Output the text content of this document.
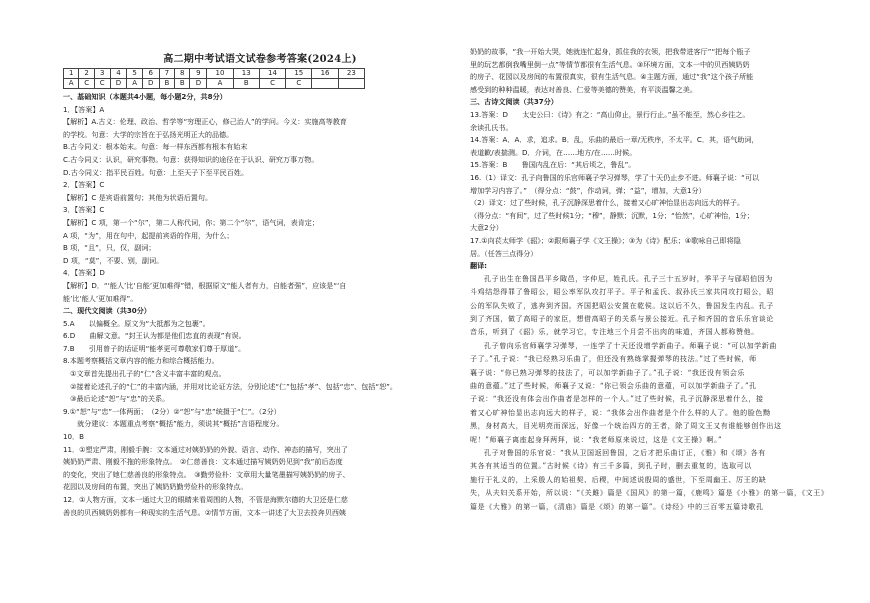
高二期中考试语文试卷参考答案(2024上)
1	2	3	4	5	6	7	8	9	10	13	14	15	16	23
A	C	C	D	A	D	B	B	D	A	B	C	C		
一、基础知识（本题共4小题，每小题2分，共8分）
1．【答案】A
【解析】A.古义：伦理、政治、哲学等“穷理正心，修己治人”的学问。今义：实施高等教育
的学校。句意：大学的宗旨在于弘扬光明正大的品德。
B.古今同义：根本始末。句意：每一样东西都有根本有始末
C.古今同义：认识，研究事物。句意：获得知识的途径在于认识、研究万事万物。
D.古今同义：指平民百姓。句意：上至天子下至平民百姓。
2．【答案】C
【解析】C 是宾语前置句；其他为状语后置句。
3．【答案】C
【解析】C 项，第一个“尔”，第二人称代词，你；第二个“尔”，语气词，表肯定；
A 项，“为”，用在句中，起提前宾语的作用，为什么；
B 项，“且”，只，仅，副词；
D 项，“莫”，不要、别，副词。
4．【答案】D
【解析】D．“‘能人’比‘自能’更加难得”错，根据原文“能人者有力，自能者强”，应该是“‘自
能’比‘能人’更加难得”。
二、现代文阅读（共30分）
5.A　　以偏概全。原文为“大抵都为之包裹”。
6.D　　曲解文意。“封王认为都是他们忠直的表现”有误。
7.B　　引用曾子的话证明“能孝更可尊敬家们尊于厚道”。
8.本题考察概括文章内容的能力和综合概括能力。
　①文章首先提出孔子的“仁”含义丰富丰富的观点。
　②接着论述孔子的“仁”的丰富内涵，并用对比论证方法，分别论述“仁”包括“孝”、包括“忠”、包括“恕”。
　③最后论述“恕”与“忠”的关系。
9.①“恕”与“忠”一体两面；　（2分）②“恕”与“忠”统摄于“仁”。（2分）
　　就分建议：本题重点考察“概括”能力，须说其“概括”言语程度分。
10．B
11．①塑定严肃，刚毅手腕：文本通过对姨奶奶的外貌、语言、动作、神态的描写，突出了
姨奶奶严肃、刚毅不拖的形象特点。　②仁慈善良：文本通过描写姨奶奶见到“我”前后态度
的变化，突出了她仁慈善良的形象特点。　③勤劳俭朴：文章用大量笔墨描写姨奶奶的房子、
花园以及房间的布置，突出了姨奶奶勤劳俭朴的形象特点。
12．①人物方面，文本一通过大卫的眼睛来看周围的人物，不管是海默尔德的大卫还是仁慈
善良的贝西姨奶奶都有一种现实的生活气息。②情节方面，文本一讲述了大卫去投奔贝西姨
奶奶的故事，“我一开始大哭，她就连忙起身，抓住我的衣领，把我带进客厅”“把每个瓶子
里的玩艺都倒我嘴里倒一点”等情节都很有生活气息。③环境方面，文本一中的贝西姨奶奶
的房子、花园以及房间的布置很真实，很有生活气息。④主题方面，通过“我”这个孩子所能
感受到的种种温暖，表达对善良、仁爱等美德的赞美，有平淡温馨之美。
三、古诗文阅读（共37分）
13.答案：D　　太史公曰：《诗》有之：“高山仰止，景行行止。”虽不能至，然心乡往之。
余读孔氏书。
14.答案：A．A．求，追求。B．乱，乐曲的最后一章/无秩序，不太平。C．其，语气助词，
表道歉/表揣测。D．介词，在……地方/在……时候。
15.答案：B　　鲁国内乱在后：“其后顷之，鲁乱”。
16.（1）译文：孔子向鲁国的乐官师襄子学习弹琴，学了十天仍止步不进。师襄子说：“可以
增加学习内容了。”　（得分点：“鼓”，作动词，弹；“益”，增加，大意1分）
（2）译文：过了些时候，孔子沉静深思着什么，接着又心旷神怡显出志向远大的样子。
（得分点：“有间”，过了些时候1分；“穆”，静默；沉默，1分；“怡然”，心旷神怡，1分；
大意2分）
17.①向苌太师学《韶》；②跟师襄子学《文王操》；③为《诗》配乐；④歌咏自己即将隐
居。（任答三点得分）
翻译:
孔子出生在鲁国昌平乡陬邑，字仲尼，姓孔氏。孔子三十五岁时，季平子与郈昭伯因为
斗鸡结怨得罪了鲁昭公，昭公率军队攻打平子。平子和孟氏、叔孙氏三家共同攻打昭公，昭
公的军队失败了，逃奔到齐国。齐国把昭公安置在乾侯。这以后不久，鲁国发生内乱。孔子
到了齐国，做了高昭子的家臣，想借高昭子的关系与景公接近。孔子和齐国的音乐乐官谈论
音乐，听到了《韶》乐，就学习它，专注地三个月尝不出肉的味道，齐国人都称赞他。
孔子曾向乐官师襄学习弹琴，一连学了十天还没增学新曲子。师襄子说：“可以加学新曲
子了。”孔子说：“我已经熟习乐曲了，但还没有熟练掌握弹琴的技法。”过了些时候，师
襄子说：“你已熟习弹琴的技法了，可以加学新曲子了。”孔子说：“我还没有领会乐
曲的意蕴。”过了些时候，师襄子又说：“你已领会乐曲的意蕴，可以加学新曲子了。”孔
子说：“我还没有体会出作曲者是怎样的一个人。”过了些时候，孔子沉静深思着什么，接
着又心旷神怡显出志向远大的样子，说：“我体会出作曲者是个什么样的人了。他的脸色黝
黑，身材高大，目光明亮而深远，好像一个统治四方的王者，除了周文王又有谁能够创作出这
呢！”师襄子离座起身拜两拜，说：“我老师原来说过，这是《文王操》啊。”
孔子对鲁国的乐官说：“我从卫国返回鲁国，之后才把乐曲订正，《雅》和《颂》各有
其各有其适当的位置。”古时候《诗》有三千多篇，到孔子时，删去重复的，选取可以
施行于礼义的，上采殷人的始祖契、后稷，中间述说殷周的盛世，下至周幽王、厉王的缺
失，从夫妇关系开始，所以说：“《关雎》篇是《国风》的第一篇，《鹿鸣》篇是《小雅》的第一篇，《文王》
篇是《大雅》的第一篇，《清庙》篇是《颂》的第一篇”。《诗经》中的三百零五篇诗歌孔
